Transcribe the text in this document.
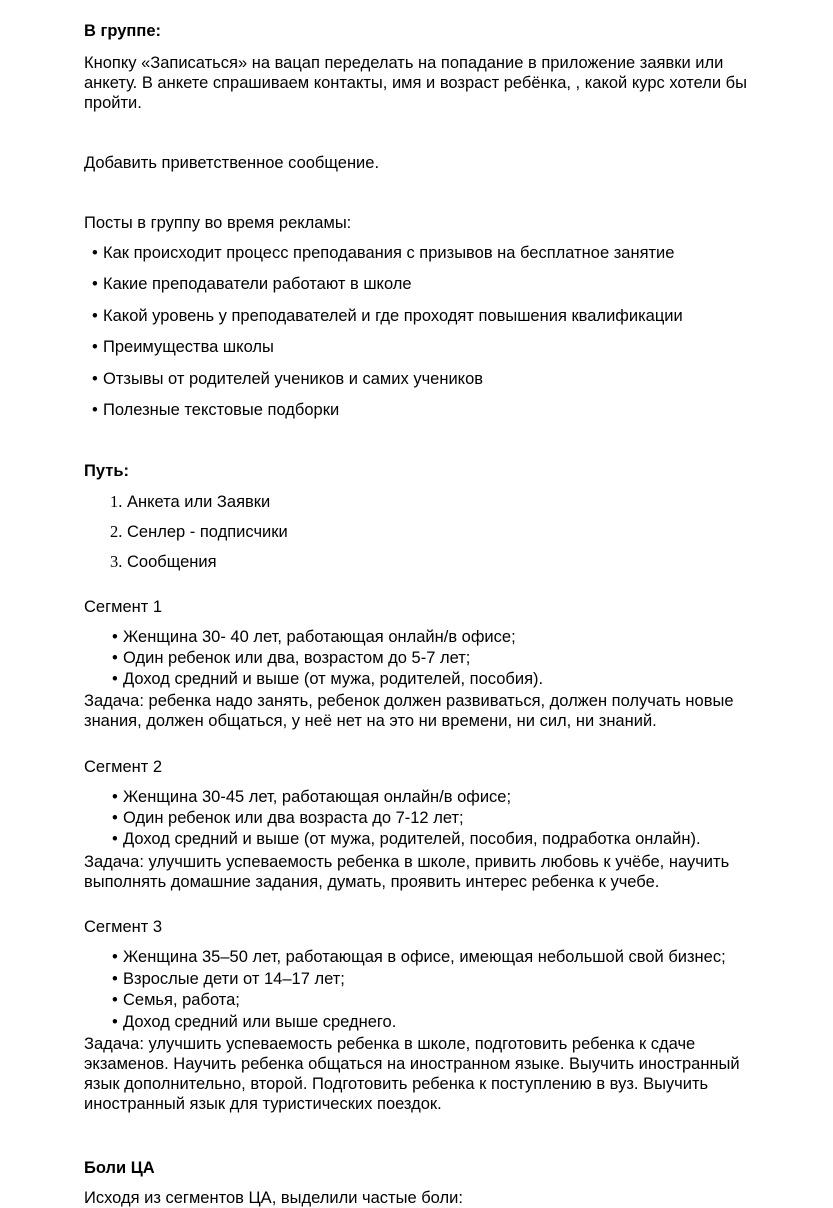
В группе:
Кнопку «Записаться» на вацап переделать на попадание в приложение заявки или анкету. В анкете спрашиваем контакты, имя и возраст ребёнка, , какой курс хотели бы пройти.
Добавить приветственное сообщение.
Посты в группу во время рекламы:
• Как происходит процесс преподавания с призывов на бесплатное занятие
• Какие преподаватели работают в школе
• Какой уровень у преподавателей и где проходят повышения квалификации
• Преимущества школы
• Отзывы от родителей учеников и самих учеников
• Полезные текстовые подборки
Путь:
1. Анкета или Заявки
2. Сенлер - подписчики
3. Сообщения
Сегмент 1
• Женщина 30- 40 лет, работающая онлайн/в офисе;
• Один ребенок или два, возрастом до 5-7 лет;
• Доход средний и выше (от мужа, родителей, пособия).
Задача: ребенка надо занять, ребенок должен развиваться, должен получать новые знания, должен общаться, у неё нет на это ни времени, ни сил, ни знаний.
Сегмент 2
• Женщина 30-45 лет, работающая онлайн/в офисе;
• Один ребенок или два возраста до 7-12 лет;
• Доход средний и выше (от мужа, родителей, пособия, подработка онлайн).
Задача: улучшить успеваемость ребенка в школе, привить любовь к учёбе, научить выполнять домашние задания, думать, проявить интерес ребенка к учебе.
Сегмент 3
• Женщина 35–50 лет, работающая в офисе, имеющая небольшой свой бизнес;
• Взрослые дети от 14–17 лет;
• Семья, работа;
• Доход средний или выше среднего.
Задача: улучшить успеваемость ребенка в школе, подготовить ребенка к сдаче экзаменов. Научить ребенка общаться на иностранном языке. Выучить иностранный язык дополнительно, второй. Подготовить ребенка к поступлению в вуз. Выучить иностранный язык для туристических поездок.
Боли ЦА
Исходя из сегментов ЦА, выделили частые боли:
